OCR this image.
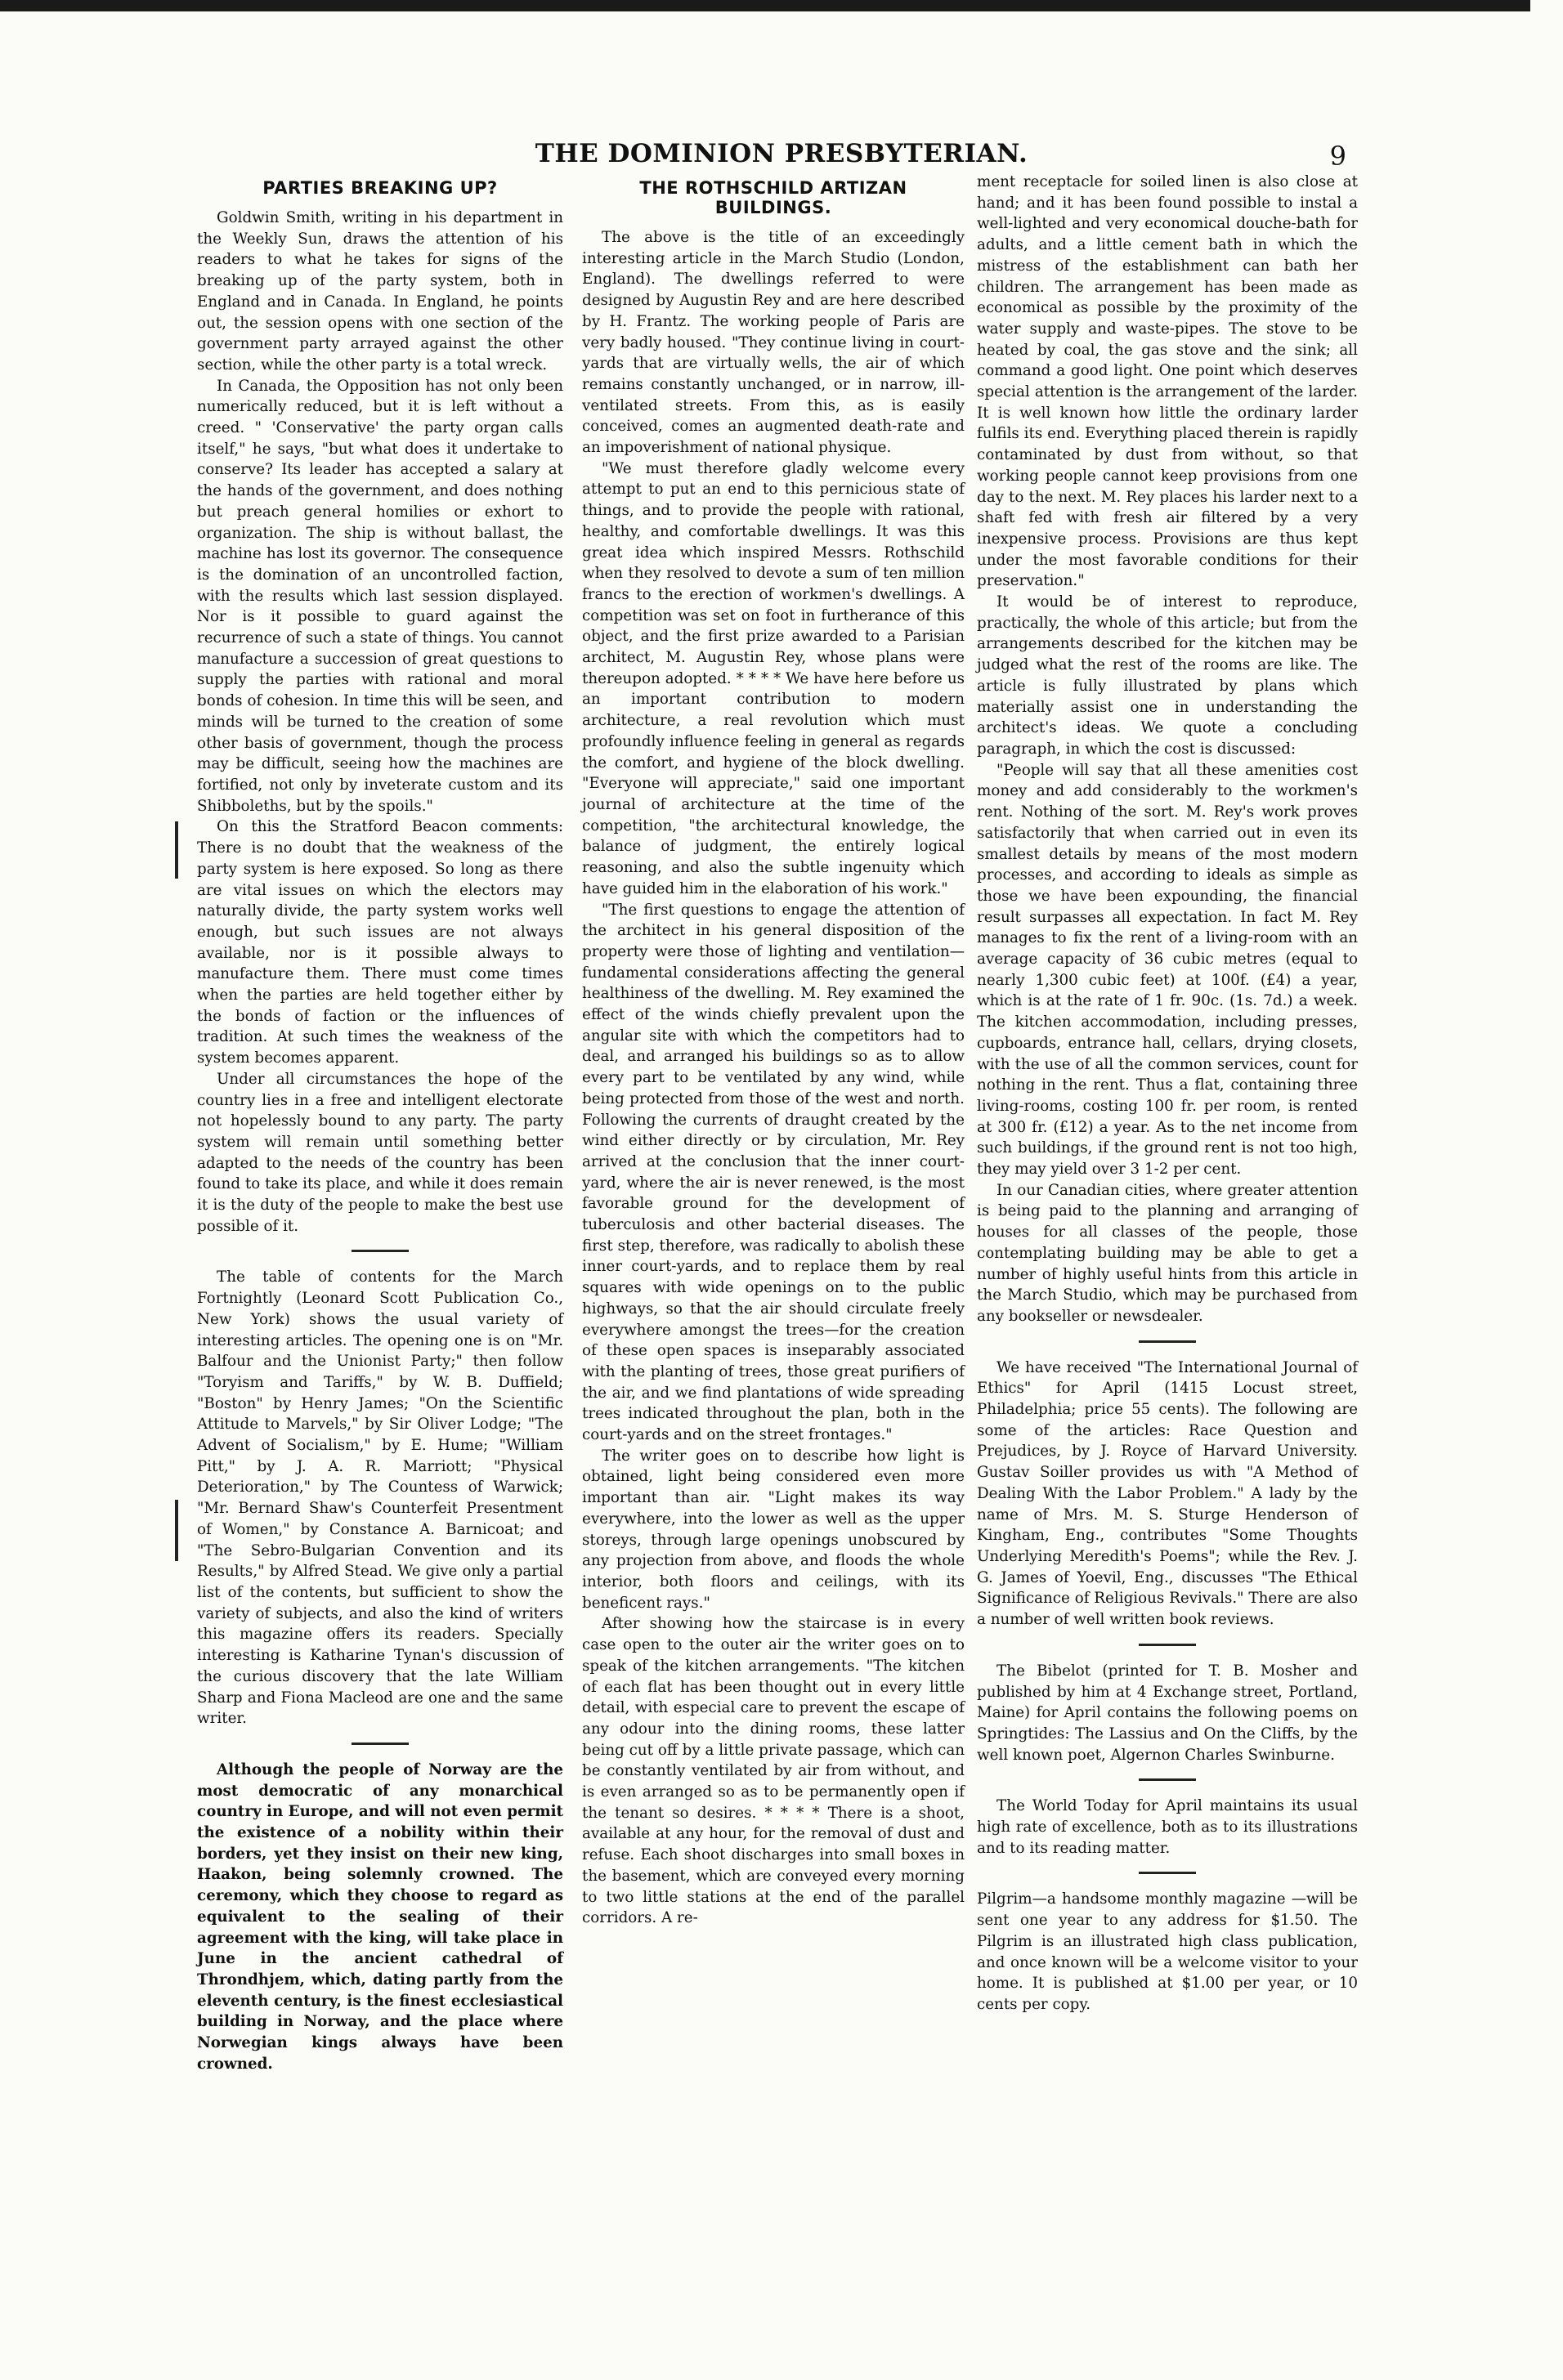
THE DOMINION PRESBYTERIAN.	9
PARTIES BREAKING UP?

Goldwin Smith, writing in his department in the Weekly Sun, draws the attention of his readers to what he takes for signs of the breaking up of the party system, both in England and in Canada. In England, he points out, the session opens with one section of the government party arrayed against the other section, while the other party is a total wreck.

In Canada, the Opposition has not only been numerically reduced, but it is left without a creed. " 'Conservative' the party organ calls itself," he says, "but what does it undertake to conserve? Its leader has accepted a salary at the hands of the government, and does nothing but preach general homilies or exhort to organization. The ship is without ballast, the machine has lost its governor. The consequence is the domination of an uncontrolled faction, with the results which last session displayed. Nor is it possible to guard against the recurrence of such a state of things. You cannot manufacture a succession of great questions to supply the parties with rational and moral bonds of cohesion. In time this will be seen, and minds will be turned to the creation of some other basis of government, though the process may be difficult, seeing how the machines are fortified, not only by inveterate custom and its Shibboleths, but by the spoils."

On this the Stratford Beacon comments: There is no doubt that the weakness of the party system is here exposed. So long as there are vital issues on which the electors may naturally divide, the party system works well enough, but such issues are not always available, nor is it possible always to manufacture them. There must come times when the parties are held together either by the bonds of faction or the influences of tradition. At such times the weakness of the system becomes apparent.

Under all circumstances the hope of the country lies in a free and intelligent electorate not hopelessly bound to any party. The party system will remain until something better adapted to the needs of the country has been found to take its place, and while it does remain it is the duty of the people to make the best use possible of it.

The table of contents for the March Fortnightly (Leonard Scott Publication Co., New York) shows the usual variety of interesting articles. The opening one is on "Mr. Balfour and the Unionist Party;" then follow "Toryism and Tariffs," by W. B. Duffield; "Boston" by Henry James; "On the Scientific Attitude to Marvels," by Sir Oliver Lodge; "The Advent of Socialism," by E. Hume; "William Pitt," by J. A. R. Marriott; "Physical Deterioration," by The Countess of Warwick; "Mr. Bernard Shaw's Counterfeit Presentment of Women," by Constance A. Barnicoat; and "The Sebro-Bulgarian Convention and its Results," by Alfred Stead. We give only a partial list of the contents, but sufficient to show the variety of subjects, and also the kind of writers this magazine offers its readers. Specially interesting is Katharine Tynan's discussion of the curious discovery that the late William Sharp and Fiona Macleod are one and the same writer.

Although the people of Norway are the most democratic of any monarchical country in Europe, and will not even permit the existence of a nobility within their borders, yet they insist on their new king, Haakon, being solemnly crowned. The ceremony, which they choose to regard as equivalent to the sealing of their agreement with the king, will take place in June in the ancient cathedral of Throndhjem, which, dating partly from the eleventh century, is the finest ecclesiastical building in Norway, and the place where Norwegian kings always have been crowned.

THE ROTHSCHILD ARTIZAN BUILDINGS.

The above is the title of an exceedingly interesting article in the March Studio (London, England). The dwellings referred to were designed by Augustin Rey and are here described by H. Frantz. The working people of Paris are very badly housed. "They continue living in court-yards that are virtually wells, the air of which remains constantly unchanged, or in narrow, ill-ventilated streets. From this, as is easily conceived, comes an augmented death-rate and an impoverishment of national physique.

"We must therefore gladly welcome every attempt to put an end to this pernicious state of things, and to provide the people with rational, healthy, and comfortable dwellings. It was this great idea which inspired Messrs. Rothschild when they resolved to devote a sum of ten million francs to the erection of workmen's dwellings. A competition was set on foot in furtherance of this object, and the first prize awarded to a Parisian architect, M. Augustin Rey, whose plans were thereupon adopted. * * * * We have here before us an important contribution to modern architecture, a real revolution which must profoundly influence feeling in general as regards the comfort, and hygiene of the block dwelling. "Everyone will appreciate," said one important journal of architecture at the time of the competition, "the architectural knowledge, the balance of judgment, the entirely logical reasoning, and also the subtle ingenuity which have guided him in the elaboration of his work."

"The first questions to engage the attention of the architect in his general disposition of the property were those of lighting and ventilation—fundamental considerations affecting the general healthiness of the dwelling. M. Rey examined the effect of the winds chiefly prevalent upon the angular site with which the competitors had to deal, and arranged his buildings so as to allow every part to be ventilated by any wind, while being protected from those of the west and north. Following the currents of draught created by the wind either directly or by circulation, Mr. Rey arrived at the conclusion that the inner court-yard, where the air is never renewed, is the most favorable ground for the development of tuberculosis and other bacterial diseases. The first step, therefore, was radically to abolish these inner court-yards, and to replace them by real squares with wide openings on to the public highways, so that the air should circulate freely everywhere amongst the trees—for the creation of these open spaces is inseparably associated with the planting of trees, those great purifiers of the air, and we find plantations of wide spreading trees indicated throughout the plan, both in the court-yards and on the street frontages."

The writer goes on to describe how light is obtained, light being considered even more important than air. "Light makes its way everywhere, into the lower as well as the upper storeys, through large openings unobscured by any projection from above, and floods the whole interior, both floors and ceilings, with its beneficent rays."

After showing how the staircase is in every case open to the outer air the writer goes on to speak of the kitchen arrangements. "The kitchen of each flat has been thought out in every little detail, with especial care to prevent the escape of any odour into the dining rooms, these latter being cut off by a little private passage, which can be constantly ventilated by air from without, and is even arranged so as to be permanently open if the tenant so desires. * * * * There is a shoot, available at any hour, for the removal of dust and refuse. Each shoot discharges into small boxes in the basement, which are conveyed every morning to two little stations at the end of the parallel corridors. A re-

ment receptacle for soiled linen is also close at hand; and it has been found possible to instal a well-lighted and very economical douche-bath for adults, and a little cement bath in which the mistress of the establishment can bath her children. The arrangement has been made as economical as possible by the proximity of the water supply and waste-pipes. The stove to be heated by coal, the gas stove and the sink; all command a good light. One point which deserves special attention is the arrangement of the larder. It is well known how little the ordinary larder fulfils its end. Everything placed therein is rapidly contaminated by dust from without, so that working people cannot keep provisions from one day to the next. M. Rey places his larder next to a shaft fed with fresh air filtered by a very inexpensive process. Provisions are thus kept under the most favorable conditions for their preservation."

It would be of interest to reproduce, practically, the whole of this article; but from the arrangements described for the kitchen may be judged what the rest of the rooms are like. The article is fully illustrated by plans which materially assist one in understanding the architect's ideas. We quote a concluding paragraph, in which the cost is discussed:

"People will say that all these amenities cost money and add considerably to the workmen's rent. Nothing of the sort. M. Rey's work proves satisfactorily that when carried out in even its smallest details by means of the most modern processes, and according to ideals as simple as those we have been expounding, the financial result surpasses all expectation. In fact M. Rey manages to fix the rent of a living-room with an average capacity of 36 cubic metres (equal to nearly 1,300 cubic feet) at 100f. (£4) a year, which is at the rate of 1 fr. 90c. (1s. 7d.) a week. The kitchen accommodation, including presses, cupboards, entrance hall, cellars, drying closets, with the use of all the common services, count for nothing in the rent. Thus a flat, containing three living-rooms, costing 100 fr. per room, is rented at 300 fr. (£12) a year. As to the net income from such buildings, if the ground rent is not too high, they may yield over 3 1-2 per cent.

In our Canadian cities, where greater attention is being paid to the planning and arranging of houses for all classes of the people, those contemplating building may be able to get a number of highly useful hints from this article in the March Studio, which may be purchased from any bookseller or newsdealer.

We have received "The International Journal of Ethics" for April (1415 Locust street, Philadelphia; price 55 cents). The following are some of the articles: Race Question and Prejudices, by J. Royce of Harvard University. Gustav Soiller provides us with "A Method of Dealing With the Labor Problem." A lady by the name of Mrs. M. S. Sturge Henderson of Kingham, Eng., contributes "Some Thoughts Underlying Meredith's Poems"; while the Rev. J. G. James of Yoevil, Eng., discusses "The Ethical Significance of Religious Revivals." There are also a number of well written book reviews.

The Bibelot (printed for T. B. Mosher and published by him at 4 Exchange street, Portland, Maine) for April contains the following poems on Springtides: The Lassius and On the Cliffs, by the well known poet, Algernon Charles Swinburne.

The World Today for April maintains its usual high rate of excellence, both as to its illustrations and to its reading matter.

Pilgrim—a handsome monthly magazine —will be sent one year to any address for $1.50. The Pilgrim is an illustrated high class publication, and once known will be a welcome visitor to your home. It is published at $1.00 per year, or 10 cents per copy.
